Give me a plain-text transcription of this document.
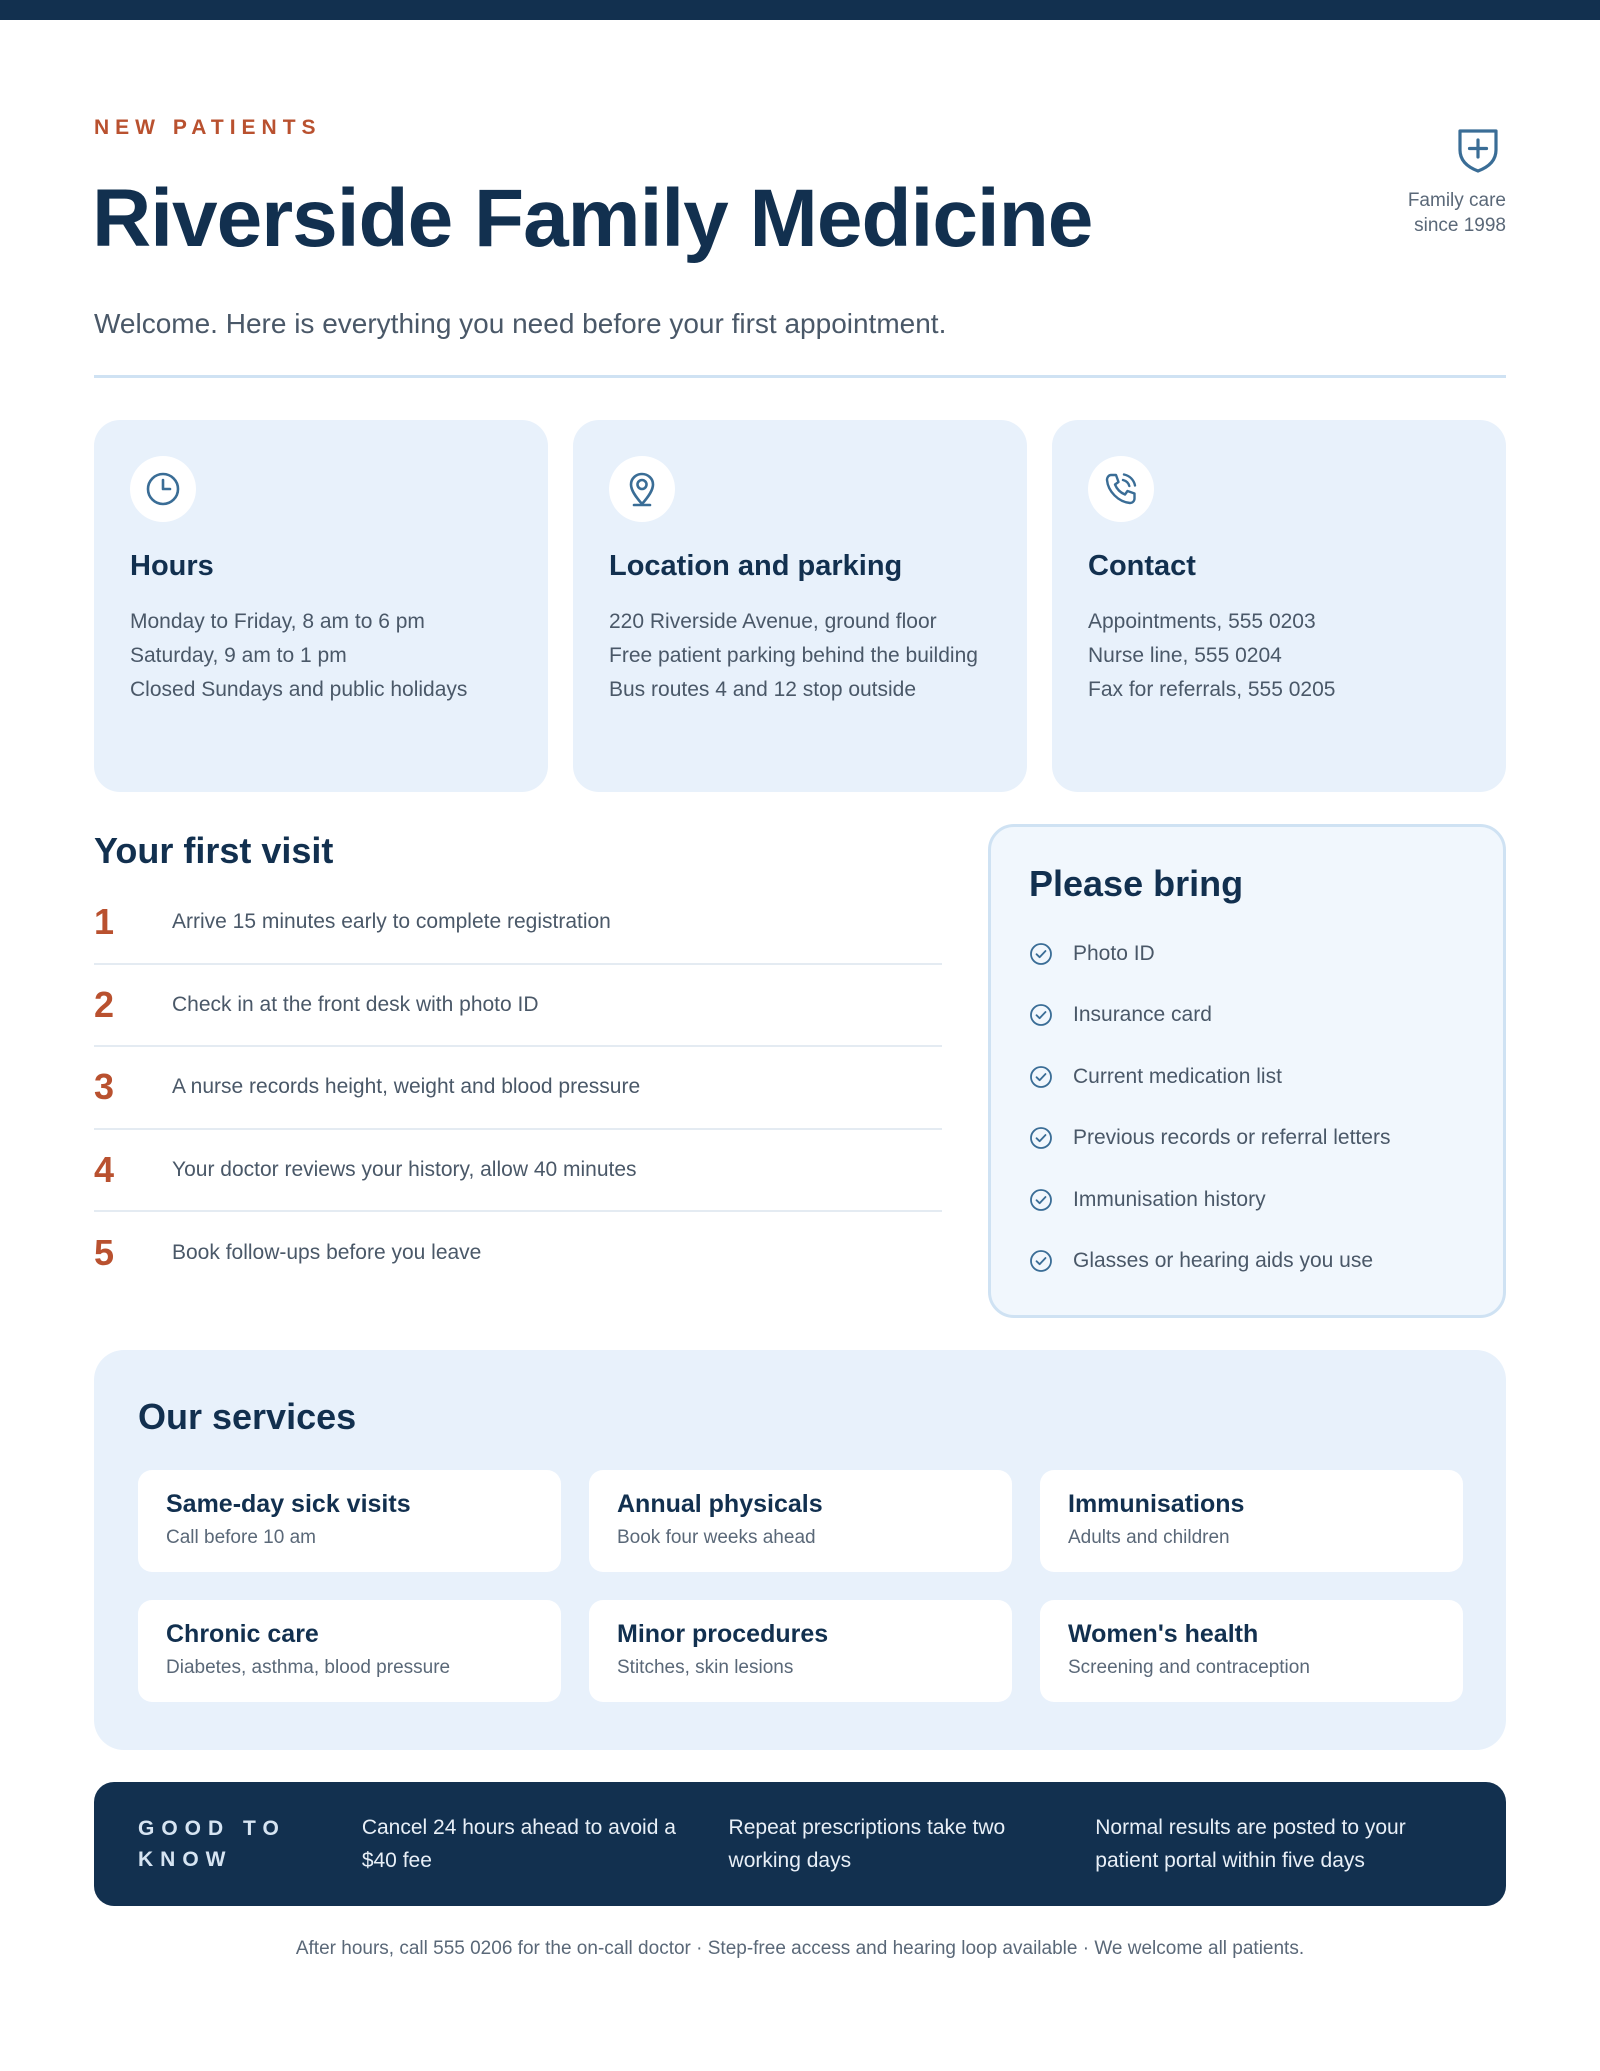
NEW PATIENTS
Riverside Family Medicine

Welcome. Here is everything you need before your first appointment.

Family care
since 1998
Hours
Monday to Friday, 8 am to 6 pm
Saturday, 9 am to 1 pm
Closed Sundays and public holidays
Location and parking
220 Riverside Avenue, ground floor
Free patient parking behind the building
Bus routes 4 and 12 stop outside
Contact
Appointments, 555 0203
Nurse line, 555 0204
Fax for referrals, 555 0205
Your first visit
1	Arrive 15 minutes early to complete registration
2	Check in at the front desk with photo ID
3	A nurse records height, weight and blood pressure
4	Your doctor reviews your history, allow 40 minutes
5	Book follow-ups before you leave
Please bring
Photo ID
Insurance card
Current medication list
Previous records or referral letters
Immunisation history
Glasses or hearing aids you use
Our services
Same-day sick visits
Call before 10 am
Annual physicals
Book four weeks ahead
Immunisations
Adults and children
Chronic care
Diabetes, asthma, blood pressure
Minor procedures
Stitches, skin lesions
Women's health
Screening and contraception
GOOD TO
KNOW
Cancel 24 hours ahead to avoid a $40 fee
Repeat prescriptions take two working days
Normal results are posted to your patient portal within five days

After hours, call 555 0206 for the on-call doctor · Step-free access and hearing loop available · We welcome all patients.
